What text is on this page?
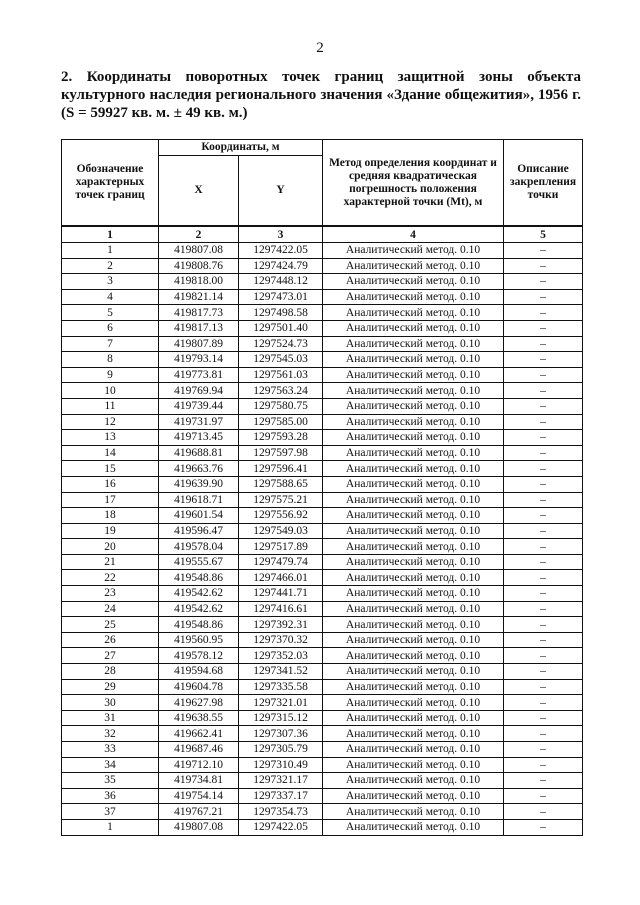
2
2. Координаты поворотных точек границ защитной зоны объекта культурного наследия регионального значения «Здание общежития», 1956 г. (S = 59927 кв. м. ± 49 кв. м.)
Обозначение характерных точек границ	Координаты, м		Метод определения координат и средняя квадратическая погрешность положения характерной точки (Mt), м	Описание закрепления точки
	X	Y		
1	2	3	4	5
1	419807.08	1297422.05	Аналитический метод. 0.10	–
2	419808.76	1297424.79	Аналитический метод. 0.10	–
3	419818.00	1297448.12	Аналитический метод. 0.10	–
4	419821.14	1297473.01	Аналитический метод. 0.10	–
5	419817.73	1297498.58	Аналитический метод. 0.10	–
6	419817.13	1297501.40	Аналитический метод. 0.10	–
7	419807.89	1297524.73	Аналитический метод. 0.10	–
8	419793.14	1297545.03	Аналитический метод. 0.10	–
9	419773.81	1297561.03	Аналитический метод. 0.10	–
10	419769.94	1297563.24	Аналитический метод. 0.10	–
11	419739.44	1297580.75	Аналитический метод. 0.10	–
12	419731.97	1297585.00	Аналитический метод. 0.10	–
13	419713.45	1297593.28	Аналитический метод. 0.10	–
14	419688.81	1297597.98	Аналитический метод. 0.10	–
15	419663.76	1297596.41	Аналитический метод. 0.10	–
16	419639.90	1297588.65	Аналитический метод. 0.10	–
17	419618.71	1297575.21	Аналитический метод. 0.10	–
18	419601.54	1297556.92	Аналитический метод. 0.10	–
19	419596.47	1297549.03	Аналитический метод. 0.10	–
20	419578.04	1297517.89	Аналитический метод. 0.10	–
21	419555.67	1297479.74	Аналитический метод. 0.10	–
22	419548.86	1297466.01	Аналитический метод. 0.10	–
23	419542.62	1297441.71	Аналитический метод. 0.10	–
24	419542.62	1297416.61	Аналитический метод. 0.10	–
25	419548.86	1297392.31	Аналитический метод. 0.10	–
26	419560.95	1297370.32	Аналитический метод. 0.10	–
27	419578.12	1297352.03	Аналитический метод. 0.10	–
28	419594.68	1297341.52	Аналитический метод. 0.10	–
29	419604.78	1297335.58	Аналитический метод. 0.10	–
30	419627.98	1297321.01	Аналитический метод. 0.10	–
31	419638.55	1297315.12	Аналитический метод. 0.10	–
32	419662.41	1297307.36	Аналитический метод. 0.10	–
33	419687.46	1297305.79	Аналитический метод. 0.10	–
34	419712.10	1297310.49	Аналитический метод. 0.10	–
35	419734.81	1297321.17	Аналитический метод. 0.10	–
36	419754.14	1297337.17	Аналитический метод. 0.10	–
37	419767.21	1297354.73	Аналитический метод. 0.10	–
1	419807.08	1297422.05	Аналитический метод. 0.10	–
